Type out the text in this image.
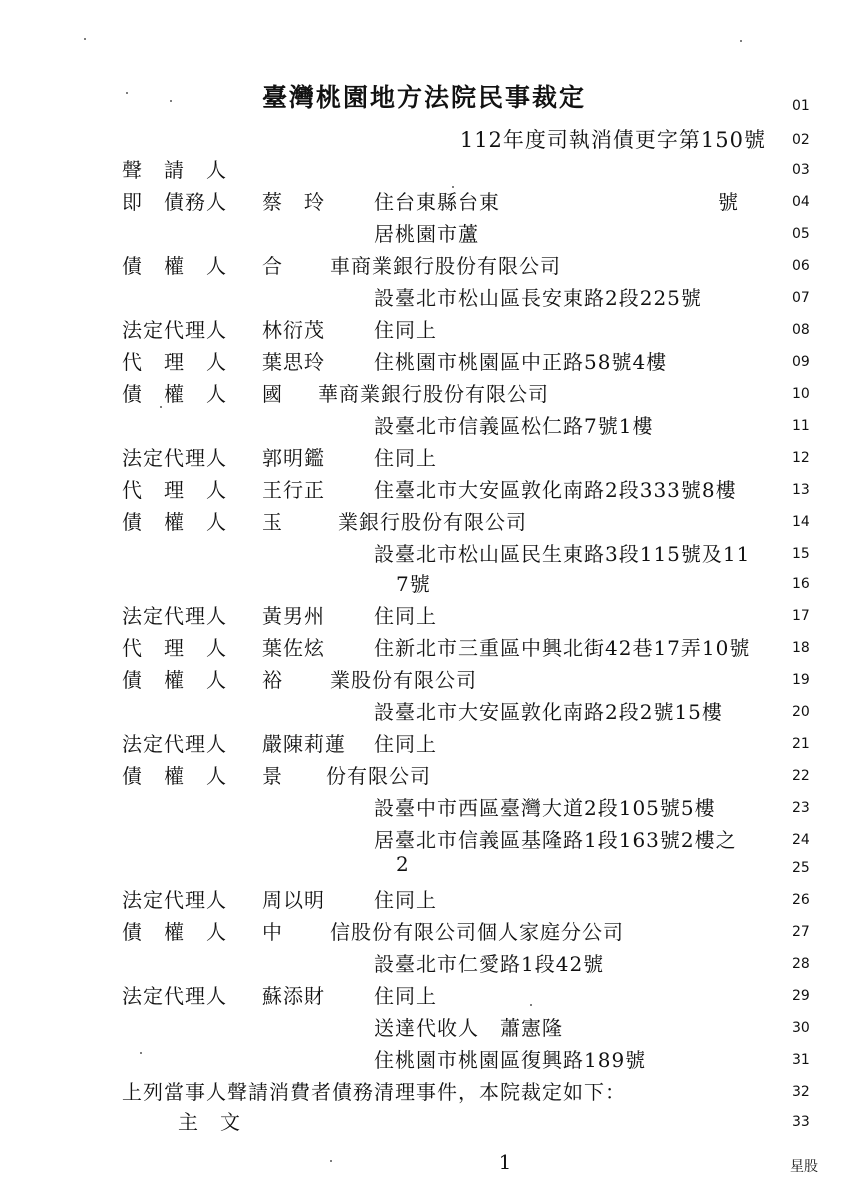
臺灣桃園地方法院民事裁定
112年度司執消債更字第150號
01
02
03
聲　請　人
04
即　債務人 蔡　玲 住台東縣台東	號
05
居桃園市蘆
06
債　權　人 合 車商業銀行股份有限公司
07
設臺北市松山區長安東路2段225號
08
法定代理人 林衍茂 住同上
09
代　理　人 葉思玲 住桃園市桃園區中正路58號4樓
10
債　權　人 國 華商業銀行股份有限公司
11
設臺北市信義區松仁路7號1樓
12
法定代理人 郭明鑑 住同上
13
代　理　人 王行正 住臺北市大安區敦化南路2段333號8樓
14
債　權　人 玉	業銀行股份有限公司
15
設臺北市松山區民生東路3段115號及11
16
7號
17
法定代理人 黃男州 住同上
18
代　理　人 葉佐炫 住新北市三重區中興北街42巷17弄10號
19
債　權　人 裕 業股份有限公司
20
設臺北市大安區敦化南路2段2號15樓
21
法定代理人 嚴陳莉蓮 住同上
22
債　權　人 景 份有限公司
23
設臺中市西區臺灣大道2段105號5樓
24
居臺北市信義區基隆路1段163號2樓之
25
2
26
法定代理人 周以明 住同上
27
債　權　人 中 信股份有限公司個人家庭分公司
28
設臺北市仁愛路1段42號
29
法定代理人 蘇添財 住同上
30
送達代收人　蕭憲隆
31
住桃園市桃園區復興路189號
32
上列當事人聲請消費者債務清理事件，本院裁定如下：
33
主　文
1	星股
